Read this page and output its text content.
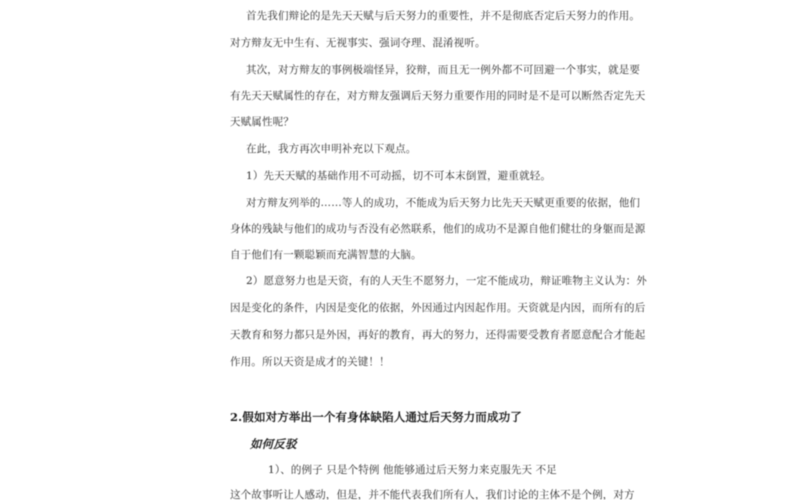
首先我们辩论的是先天天赋与后天努力的重要性，并不是彻底否定后天努力的作用。
对方辩友无中生有、无视事实、强词夺理、混淆视听。
其次，对方辩友的事例极端怪异，狡辩，而且无一例外都不可回避一个事实，就是要
有先天天赋属性的存在，对方辩友强调后天努力重要作用的同时是不是可以断然否定先天
天赋属性呢？
在此，我方再次申明补充以下观点。
1）先天天赋的基础作用不可动摇，切不可本末倒置，避重就轻。
对方辩友列举的……等人的成功，不能成为后天努力比先天天赋更重要的依据，他们
身体的残缺与他们的成功与否没有必然联系，他们的成功不是源自他们健壮的身躯而是源
自于他们有一颗聪颖而充满智慧的大脑。
2）愿意努力也是天资，有的人天生不愿努力，一定不能成功，辩证唯物主义认为：外
因是变化的条件，内因是变化的依据，外因通过内因起作用。天资就是内因，而所有的后
天教育和努力都只是外因，再好的教育，再大的努力，还得需要受教育者愿意配合才能起
作用。所以天资是成才的关键！！
2.假如对方举出一个有身体缺陷人通过后天努力而成功了
如何反驳
1）、的例子 只是个特例 他能够通过后天努力来克服先天 不足
这个故事听让人感动，但是，并不能代表我们所有人，我们讨论的主体不是个例，对方
